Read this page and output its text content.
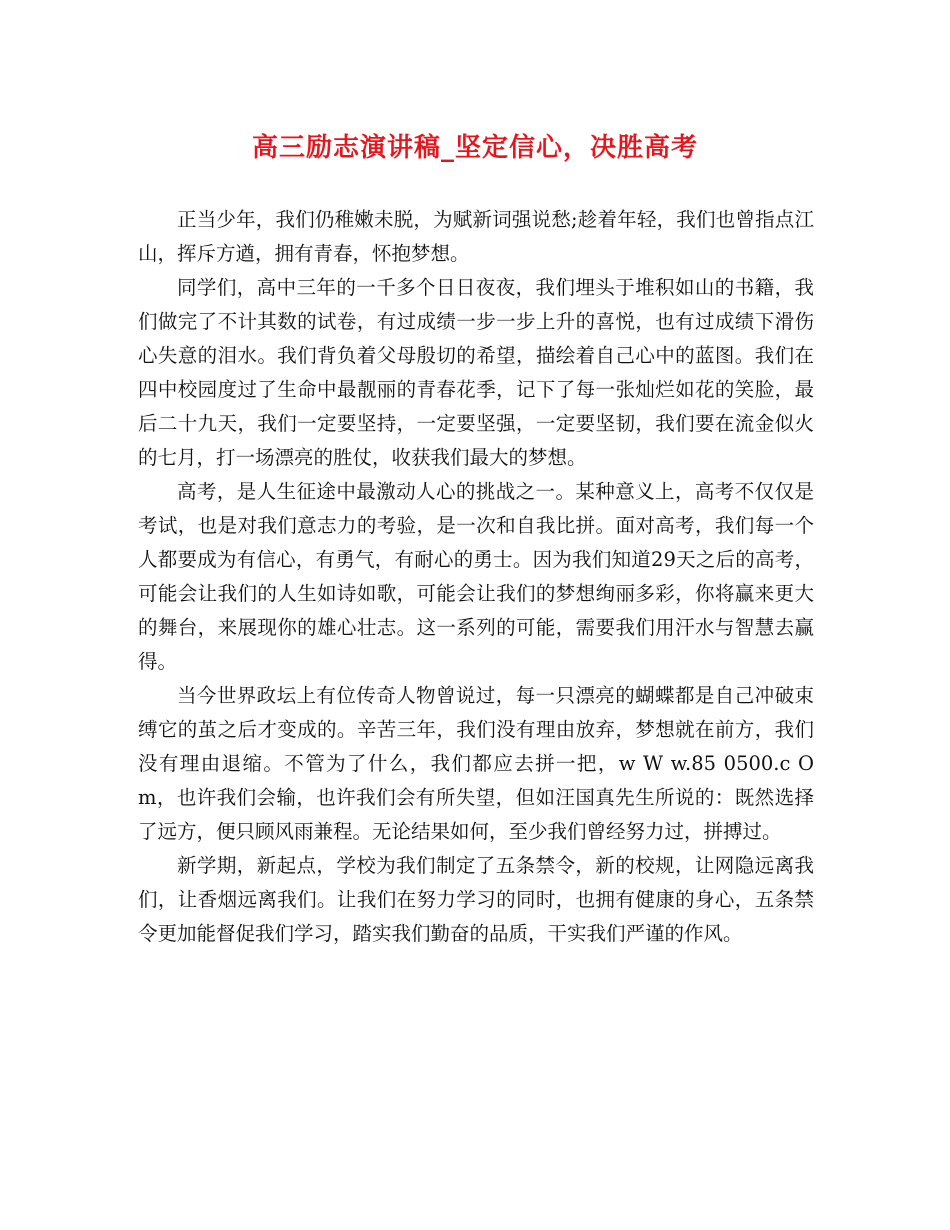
高三励志演讲稿_坚定信心，决胜高考

正当少年，我们仍稚嫩未脱，为赋新词强说愁;趁着年轻，我们也曾指点江山，挥斥方遒，拥有青春，怀抱梦想。

同学们，高中三年的一千多个日日夜夜，我们埋头于堆积如山的书籍，我们做完了不计其数的试卷，有过成绩一步一步上升的喜悦，也有过成绩下滑伤心失意的泪水。我们背负着父母殷切的希望，描绘着自己心中的蓝图。我们在四中校园度过了生命中最靓丽的青春花季，记下了每一张灿烂如花的笑脸，最后二十九天，我们一定要坚持，一定要坚强，一定要坚韧，我们要在流金似火的七月，打一场漂亮的胜仗，收获我们最大的梦想。

高考，是人生征途中最激动人心的挑战之一。某种意义上，高考不仅仅是考试，也是对我们意志力的考验，是一次和自我比拼。面对高考，我们每一个人都要成为有信心，有勇气，有耐心的勇士。因为我们知道29天之后的高考，可能会让我们的人生如诗如歌，可能会让我们的梦想绚丽多彩，你将赢来更大的舞台，来展现你的雄心壮志。这一系列的可能，需要我们用汗水与智慧去赢得。

当今世界政坛上有位传奇人物曾说过，每一只漂亮的蝴蝶都是自己冲破束缚它的茧之后才变成的。辛苦三年，我们没有理由放弃，梦想就在前方，我们没有理由退缩。不管为了什么，我们都应去拼一把，w W w.85 0500.c O m，也许我们会输，也许我们会有所失望，但如汪国真先生所说的：既然选择了远方，便只顾风雨兼程。无论结果如何，至少我们曾经努力过，拼搏过。

新学期，新起点，学校为我们制定了五条禁令，新的校规，让网隐远离我们，让香烟远离我们。让我们在努力学习的同时，也拥有健康的身心，五条禁令更加能督促我们学习，踏实我们勤奋的品质，干实我们严谨的作风。
